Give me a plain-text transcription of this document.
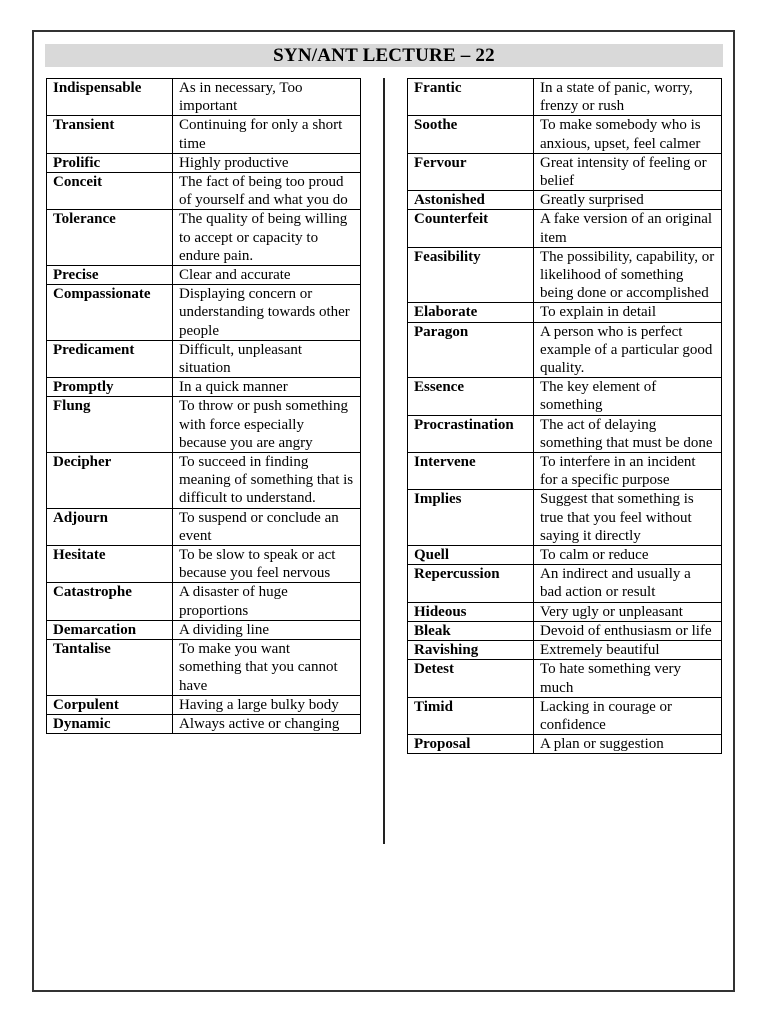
SYN/ANT LECTURE – 22
Indispensable	As in necessary, Too important
Transient	Continuing for only a short time
Prolific	Highly productive
Conceit	The fact of being too proud of yourself and what you do
Tolerance	The quality of being willing to accept or capacity to endure pain.
Precise	Clear and accurate
Compassionate	Displaying concern or understanding towards other people
Predicament	Difficult, unpleasant situation
Promptly	In a quick manner
Flung	To throw or push something with force especially because you are angry
Decipher	To succeed in finding meaning of something that is difficult to understand.
Adjourn	To suspend or conclude an event
Hesitate	To be slow to speak or act because you feel nervous
Catastrophe	A disaster of huge proportions
Demarcation	A dividing line
Tantalise	To make you want something that you cannot have
Corpulent	Having a large bulky body
Dynamic	Always active or changing
Frantic	In a state of panic, worry, frenzy or rush
Soothe	To make somebody who is anxious, upset, feel calmer
Fervour	Great intensity of feeling or belief
Astonished	Greatly surprised
Counterfeit	A fake version of an original item
Feasibility	The possibility, capability, or likelihood of something being done or accomplished
Elaborate	To explain in detail
Paragon	A person who is perfect example of a particular good quality.
Essence	The key element of something
Procrastination	The act of delaying something that must be done
Intervene	To interfere in an incident for a specific purpose
Implies	Suggest that something is true that you feel without saying it directly
Quell	To calm or reduce
Repercussion	An indirect and usually a bad action or result
Hideous	Very ugly or unpleasant
Bleak	Devoid of enthusiasm or life
Ravishing	Extremely beautiful
Detest	To hate something very much
Timid	Lacking in courage or confidence
Proposal	A plan or suggestion
